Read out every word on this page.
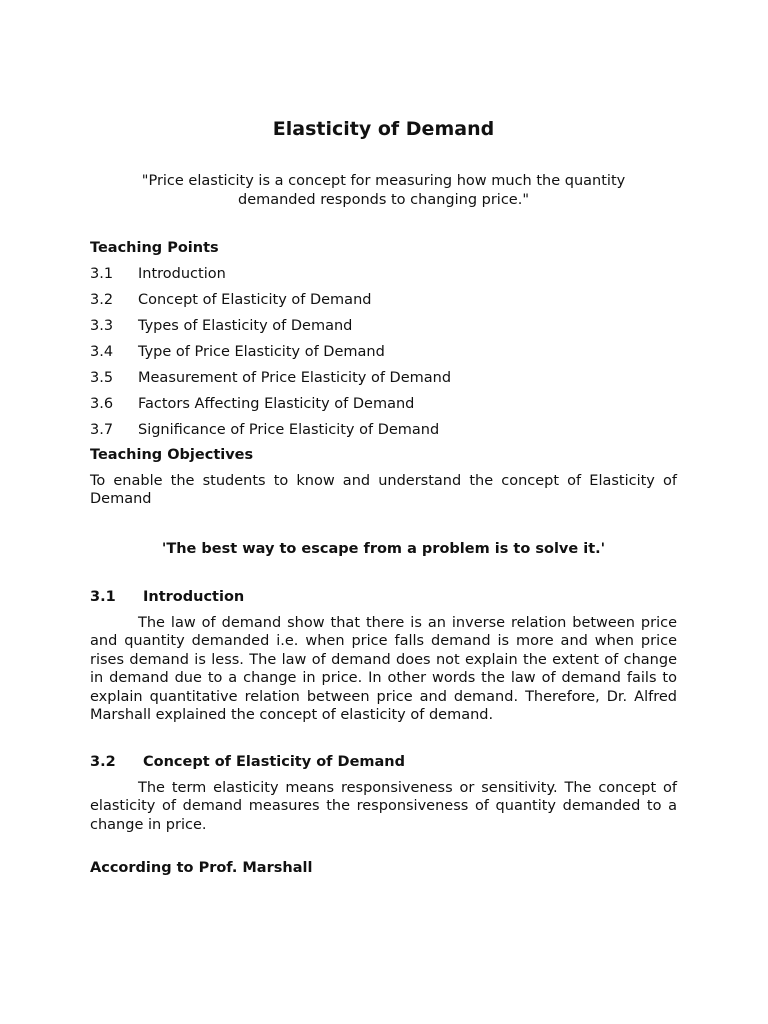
Elasticity of Demand
"Price elasticity is a concept for measuring how much the quantity demanded responds to changing price."
Teaching Points
3.1 Introduction
3.2 Concept of Elasticity of Demand
3.3 Types of Elasticity of Demand
3.4 Type of Price Elasticity of Demand
3.5 Measurement of Price Elasticity of Demand
3.6 Factors Affecting Elasticity of Demand
3.7 Significance of Price Elasticity of Demand
Teaching Objectives
To enable the students to know and understand the concept of Elasticity of Demand
'The best way to escape from a problem is to solve it.'
3.1 Introduction
The law of demand show that there is an inverse relation between price and quantity demanded i.e. when price falls demand is more and when price rises demand is less. The law of demand does not explain the extent of change in demand due to a change in price. In other words the law of demand fails to explain quantitative relation between price and demand. Therefore, Dr. Alfred Marshall explained the concept of elasticity of demand.
3.2 Concept of Elasticity of Demand
The term elasticity means responsiveness or sensitivity. The concept of elasticity of demand measures the responsiveness of quantity demanded to a change in price.
According to Prof. Marshall
